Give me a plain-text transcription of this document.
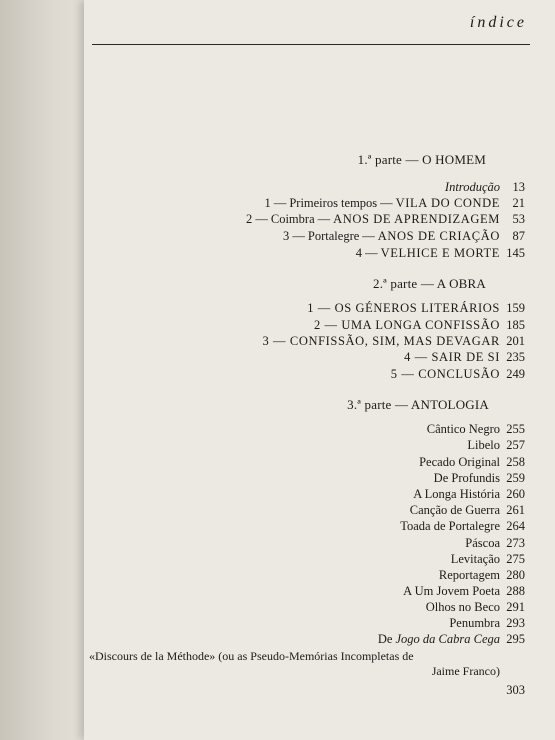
índice
1.ª parte — O HOMEM
Introdução	13
1 — Primeiros tempos — VILA DO CONDE	21
2 — Coimbra — ANOS DE APRENDIZAGEM	53
3 — Portalegre — ANOS DE CRIAÇÃO	87
4 — VELHICE E MORTE 145
2.ª parte — A OBRA
1 — OS GÉNEROS LITERÁRIOS 159
2 — UMA LONGA CONFISSÃO 185
3 — CONFISSÃO, SIM, MAS DEVAGAR 201
4 — SAIR DE SI 235
5 — CONCLUSÃO 249
3.ª parte — ANTOLOGIA
Cântico Negro 255
Libelo 257
Pecado Original 258
De Profundis 259
A Longa História 260
Canção de Guerra 261
Toada de Portalegre 264
Páscoa 273
Levitação 275
Reportagem 280
A Um Jovem Poeta 288
Olhos no Beco 291
Penumbra 293
De Jogo da Cabra Cega 295
«Discours de la Méthode» (ou as Pseudo-Memórias Incompletas de
Jaime Franco)
303
